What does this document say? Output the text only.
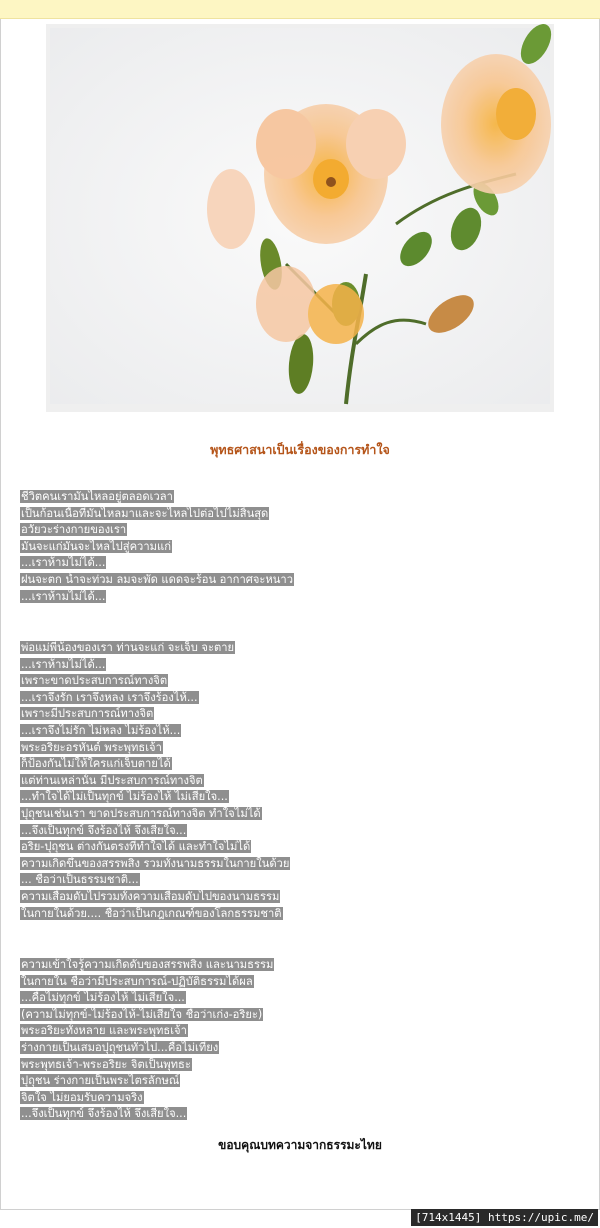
พุทธศาสนาเป็นเรื่องของการทำใจ
ชีวิตคนเรามันไหลอยู่ตลอดเวลา
เป็นก้อนเนื้อที่มันไหลมาและจะไหลไปต่อไปไม่สิ้นสุด
อวัยวะร่างกายของเรา
มันจะแก่มันจะไหลไปสู่ความแก่
...เราห้ามไม่ได้...
ฝนจะตก น้ำจะท่วม ลมจะพัด แดดจะร้อน อากาศจะหนาว
...เราห้ามไม่ได้...
พ่อแม่พี่น้องของเรา ท่านจะแก่ จะเจ็บ จะตาย
...เราห้ามไม่ได้...
เพราะขาดประสบการณ์ทางจิต
...เราจึงรัก เราจึงหลง เราจึงร้องไห้...
เพราะมีประสบการณ์ทางจิต
...เราจึงไม่รัก ไม่หลง ไม่ร้องไห้...
พระอริยะอรหันต์ พระพุทธเจ้า
ก็ป้องกันไม่ให้ใครแก่เจ็บตายได้
แต่ท่านเหล่านั้น มีประสบการณ์ทางจิต
...ทำใจได้ไม่เป็นทุกข์ ไม่ร้องไห้ ไม่เสียใจ...
ปุถุชนเช่นเรา ขาดประสบการณ์ทางจิต ทำใจไม่ได้
...จึงเป็นทุกข์ จึงร้องไห้ จึงเสียใจ...
อริย-ปุถุชน ต่างกันตรงที่ทำใจได้ และทำใจไม่ได้
ความเกิดขึ้นของสรรพสิ่ง รวมทั้งนามธรรมในกายในด้วย
... ชื่อว่าเป็นธรรมชาติ...
ความเสื่อมดับไปรวมทั้งความเสื่อมดับไปของนามธรรม
ในกายในด้วย.... ชื่อว่าเป็นกฎเกณฑ์ของโลกธรรมชาติ
ความเข้าใจรู้ความเกิดดับของสรรพสิ่ง และนามธรรม
ในกายใน ชื่อว่ามีประสบการณ์-ปฏิบัติธรรมได้ผล
...คือไม่ทุกข์ ไม่ร้องไห้ ไม่เสียใจ...
(ความไม่ทุกข์-ไม่ร้องไห้-ไม่เสียใจ ชื่อว่าเก่ง-อริยะ)
พระอริยะทั้งหลาย และพระพุทธเจ้า
ร่างกายเป็นเสมอปุถุชนทั่วไป...คือไม่เที่ยง
พระพุทธเจ้า-พระอริยะ จิตเป็นพุทธะ
ปุถุชน ร่างกายเป็นพระไตรลักษณ์
จิตใจ ไม่ยอมรับความจริง
...จึงเป็นทุกข์ จึงร้องไห้ จึงเสียใจ...
ขอบคุณบทความจากธรรมะไทย
[714x1445] https://upic.me/
